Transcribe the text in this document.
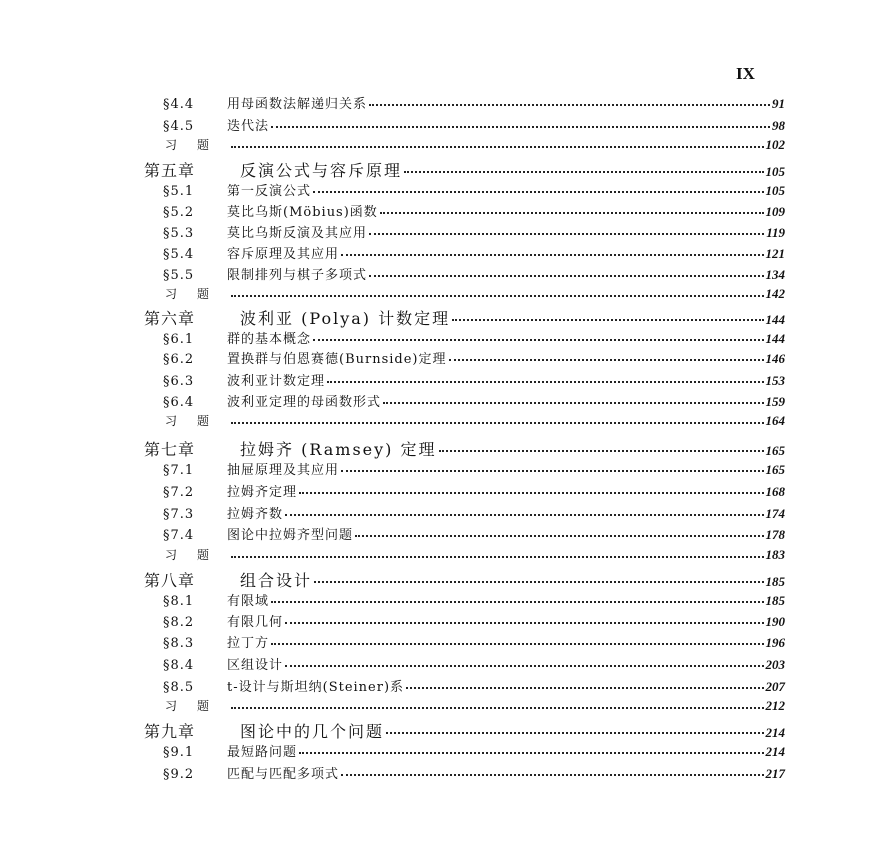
IX
§4.4	用母函数法解递归关系	91
§4.5	迭代法	98
习题	102
第五章	反演公式与容斥原理	105
§5.1	第一反演公式	105
§5.2	莫比乌斯(Möbius)函数	109
§5.3	莫比乌斯反演及其应用	119
§5.4	容斥原理及其应用	121
§5.5	限制排列与棋子多项式	134
习题	142
第六章	波利亚 (Polya) 计数定理	144
§6.1	群的基本概念	144
§6.2	置换群与伯恩赛德(Burnside)定理	146
§6.3	波利亚计数定理	153
§6.4	波利亚定理的母函数形式	159
习题	164
第七章	拉姆齐 (Ramsey) 定理	165
§7.1	抽屉原理及其应用	165
§7.2	拉姆齐定理	168
§7.3	拉姆齐数	174
§7.4	图论中拉姆齐型问题	178
习题	183
第八章	组合设计	185
§8.1	有限域	185
§8.2	有限几何	190
§8.3	拉丁方	196
§8.4	区组设计	203
§8.5	t-设计与斯坦纳(Steiner)系	207
习题	212
第九章	图论中的几个问题	214
§9.1	最短路问题	214
§9.2	匹配与匹配多项式	217
